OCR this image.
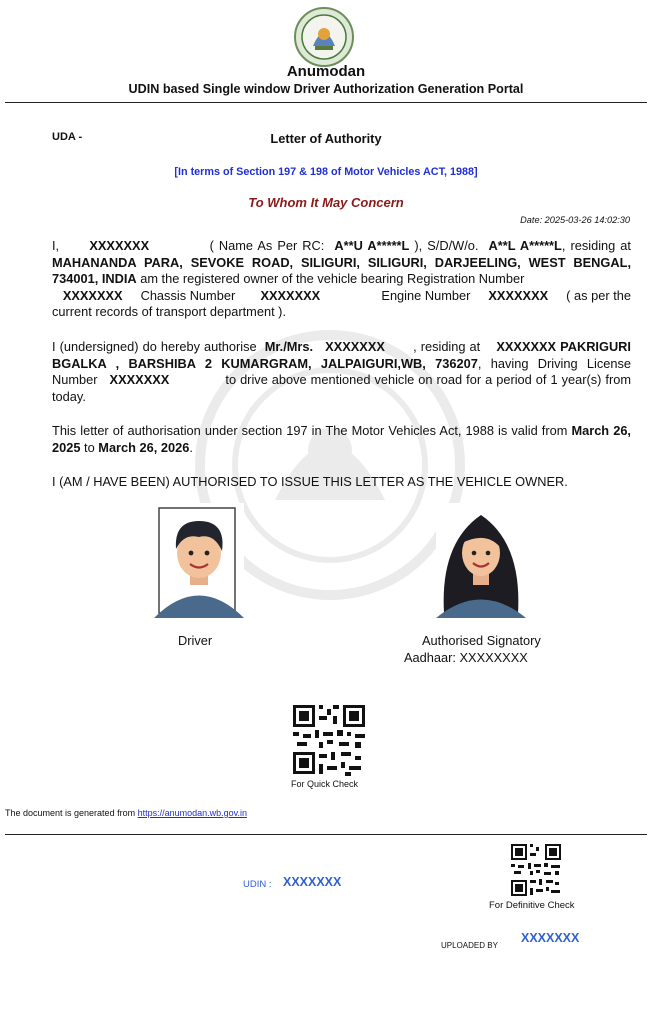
Anumodan
UDIN based Single window Driver Authorization Generation Portal
UDA -	Letter of Authority
[In terms of Section 197 & 198 of Motor Vehicles ACT, 1988]
To Whom It May Concern
Date: 2025-03-26 14:02:30
I, XXXXXXX	( Name As Per RC: A**U A*****L ), S/D/W/o. A**L A*****L, residing at MAHANANDA PARA, SEVOKE ROAD, SILIGURI, SILIGURI, DARJEELING, WEST BENGAL, 734001, INDIA am the registered owner of the vehicle bearing Registration Number
XXXXXXX Chassis Number XXXXXXX	Engine Number XXXXXXX ( as per the current records of transport department ).
I (undersigned) do hereby authorise Mr./Mrs. XXXXXXX , residing at XXXXXXX PAKRIGURI BGALKA , BARSHIBA 2 KUMARGRAM, JALPAIGURI,WB, 736207, having Driving License Number XXXXXXX	to drive above mentioned vehicle on road for a period of 1 year(s) from today.
This letter of authorisation under section 197 in The Motor Vehicles Act, 1988 is valid from March 26, 2025 to March 26, 2026.
I (AM / HAVE BEEN) AUTHORISED TO ISSUE THIS LETTER AS THE VEHICLE OWNER.
Driver	Authorised Signatory
Aadhaar: XXXXXXXX
For Quick Check
The document is generated from https://anumodan.wb.gov.in
For Definitive Check
UDIN : XXXXXXX
UPLOADED BY
XXXXXXX
